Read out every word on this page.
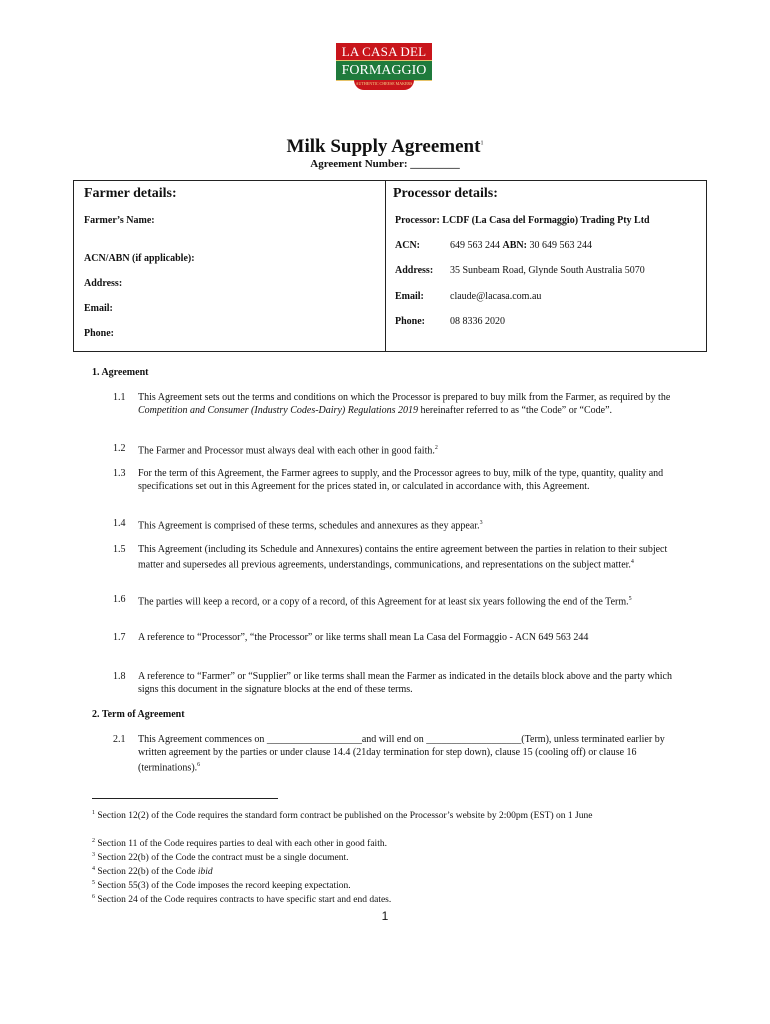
LA CASA DEL
FORMAGGIO
AUTHENTIC CHEESE MAKERS
Milk Supply Agreement$^1$
Agreement Number: _________
Farmer details:
Farmer’s Name:
ACN/ABN (if applicable):
Address:
Email:
Phone:
Processor details:
Processor: LCDF (La Casa del Formaggio) Trading Pty Ltd
ACN:	649 563 244 ABN: 30 649 563 244
Address: 35 Sunbeam Road, Glynde South Australia 5070
Email:	claude@lacasa.com.au
Phone:	08 8336 2020
1. Agreement
1.1 This Agreement sets out the terms and conditions on which the Processor is prepared to buy milk from the Farmer, as required by the Competition and Consumer (Industry Codes-Dairy) Regulations 2019 hereinafter referred to as “the Code” or “Code”.
1.2 The Farmer and Processor must always deal with each other in good faith.$^2$
1.3 For the term of this Agreement, the Farmer agrees to supply, and the Processor agrees to buy, milk of the type, quantity, quality and specifications set out in this Agreement for the prices stated in, or calculated in accordance with, this Agreement.
1.4 This Agreement is comprised of these terms, schedules and annexures as they appear.$^3$
1.5 This Agreement (including its Schedule and Annexures) contains the entire agreement between the parties in relation to their subject matter and supersedes all previous agreements, understandings, communications, and representations on the subject matter.$^4$
1.6 The parties will keep a record, or a copy of a record, of this Agreement for at least six years following the end of the Term.$^5$
1.7 A reference to “Processor”, “the Processor” or like terms shall mean La Casa del Formaggio - ACN 649 563 244
1.8 A reference to “Farmer” or “Supplier” or like terms shall mean the Farmer as indicated in the details block above and the party which signs this document in the signature blocks at the end of these terms.
2. Term of Agreement
2.1 This Agreement commences on ___________________and will end on ___________________(Term), unless terminated earlier by written agreement by the parties or under clause 14.4 (21day termination for step down), clause 15 (cooling off) or clause 16 (terminations).$^6$
$^1$ Section 12(2) of the Code requires the standard form contract be published on the Processor’s website by 2:00pm (EST) on 1 June
$^2$ Section 11 of the Code requires parties to deal with each other in good faith.
$^3$ Section 22(b) of the Code the contract must be a single document.
$^4$ Section 22(b) of the Code ibid
$^5$ Section 55(3) of the Code imposes the record keeping expectation.
$^6$ Section 24 of the Code requires contracts to have specific start and end dates.
1
